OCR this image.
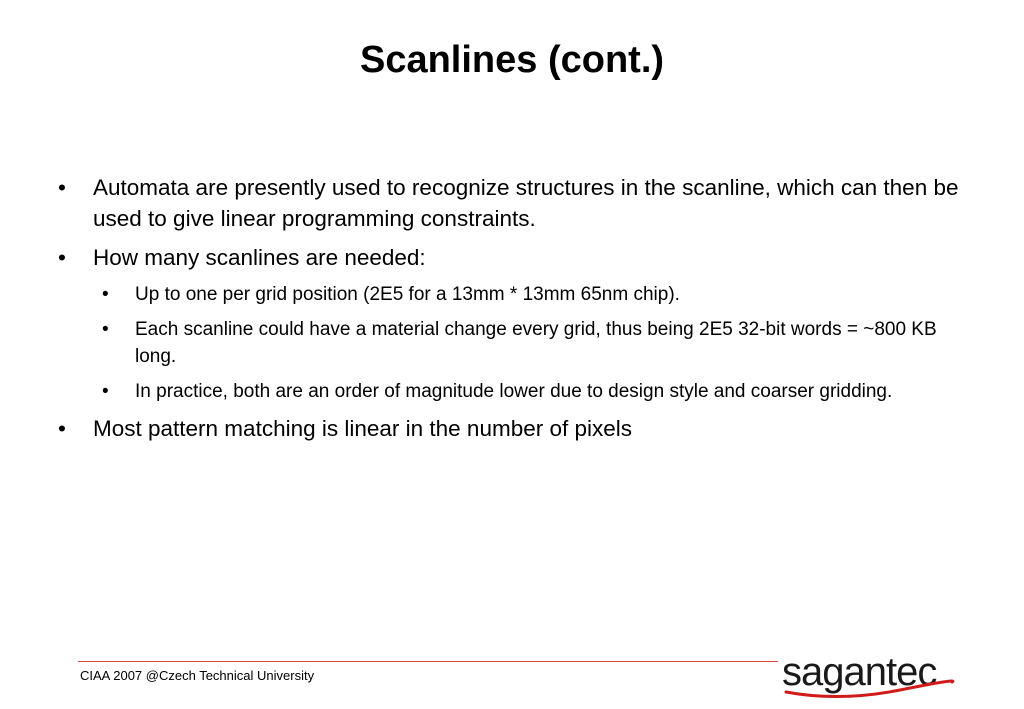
Scanlines (cont.)
• Automata are presently used to recognize structures in the scanline, which can then be used to give linear programming constraints.
• How many scanlines are needed:
• Up to one per grid position (2E5 for a 13mm * 13mm 65nm chip).
• Each scanline could have a material change every grid, thus being 2E5 32-bit words = ~800 KB long.
• In practice, both are an order of magnitude lower due to design style and coarser gridding.
• Most pattern matching is linear in the number of pixels
CIAA 2007 @Czech Technical University	sagantec
